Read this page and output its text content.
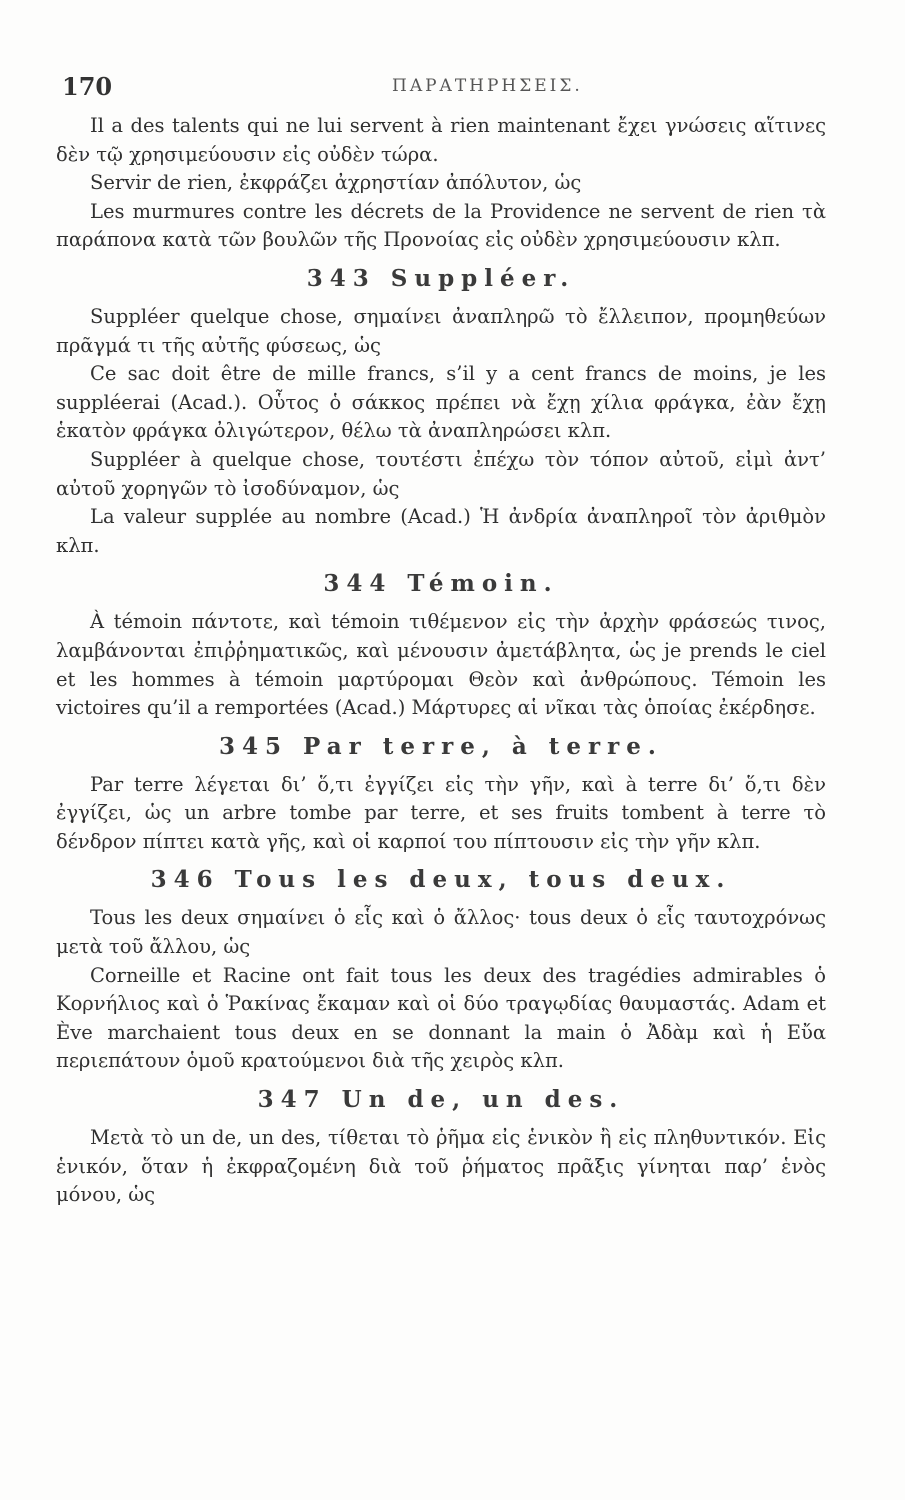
170	ΠΑΡΑΤΗΡΗΣΕΙΣ.

Il a des talents qui ne lui servent à rien maintenant ἔχει γνώσεις αἵτινες δὲν τῷ χρησιμεύουσιν εἰς οὐδὲν τώρα.

Servir de rien, ἐκφράζει ἀχρηστίαν ἀπόλυτον, ὡς

Les murmures contre les décrets de la Providence ne servent de rien τὰ παράπονα κατὰ τῶν βουλῶν τῆς Προνοίας εἰς οὐδὲν χρησιμεύουσιν κλπ.

343 Suppléer.

Suppléer quelque chose, σημαίνει ἀναπληρῶ τὸ ἔλλειπον, προμηθεύων πρᾶγμά τι τῆς αὐτῆς φύσεως, ὡς

Ce sac doit être de mille francs, s’il y a cent francs de moins, je les suppléerai (Acad.). Οὗτος ὁ σάκκος πρέπει νὰ ἔχῃ χίλια φράγκα, ἐὰν ἔχῃ ἑκατὸν φράγκα ὀλιγώτερον, θέλω τὰ ἀναπληρώσει κλπ.

Suppléer à quelque chose, τουτέστι ἐπέχω τὸν τόπον αὐτοῦ, εἰμὶ ἀντ’ αὐτοῦ χορηγῶν τὸ ἰσοδύναμον, ὡς

La valeur supplée au nombre (Acad.) Ἡ ἀνδρία ἀναπληροῖ τὸν ἀριθμὸν κλπ.

344 Témoin.

À témoin πάντοτε, καὶ témoin τιθέμενον εἰς τὴν ἀρχὴν φράσεώς τινος, λαμβάνονται ἐπιῤῥηματικῶς, καὶ μένουσιν ἀμετάβλητα, ὡς je prends le ciel et les hommes à témoin μαρτύρομαι Θεὸν καὶ ἀνθρώπους. Témoin les victoires qu’il a remportées (Acad.) Μάρτυρες αἱ νῖκαι τὰς ὁποίας ἐκέρδησε.

345 Par terre, à terre.

Par terre λέγεται δι’ ὅ,τι ἐγγίζει εἰς τὴν γῆν, καὶ à terre δι’ ὅ,τι δὲν ἐγγίζει, ὡς un arbre tombe par terre, et ses fruits tombent à terre τὸ δένδρον πίπτει κατὰ γῆς, καὶ οἱ καρποί του πίπτουσιν εἰς τὴν γῆν κλπ.

346 Tous les deux, tous deux.

Tous les deux σημαίνει ὁ εἷς καὶ ὁ ἄλλος· tous deux ὁ εἷς ταυτοχρόνως μετὰ τοῦ ἄλλου, ὡς

Corneille et Racine ont fait tous les deux des tragédies admirables ὁ Κορνήλιος καὶ ὁ Ῥακίνας ἔκαμαν καὶ οἱ δύο τραγῳδίας θαυμαστάς. Adam et Ève marchaient tous deux en se donnant la main ὁ Ἀδὰμ καὶ ἡ Εὔα περιεπάτουν ὁμοῦ κρατούμενοι διὰ τῆς χειρὸς κλπ.

347 Un de, un des.

Μετὰ τὸ un de, un des, τίθεται τὸ ῥῆμα εἰς ἑνικὸν ἢ εἰς πληθυντικόν. Εἰς ἑνικόν, ὅταν ἡ ἐκφραζομένη διὰ τοῦ ῥήματος πρᾶξις γίνηται παρ’ ἑνὸς μόνου, ὡς
